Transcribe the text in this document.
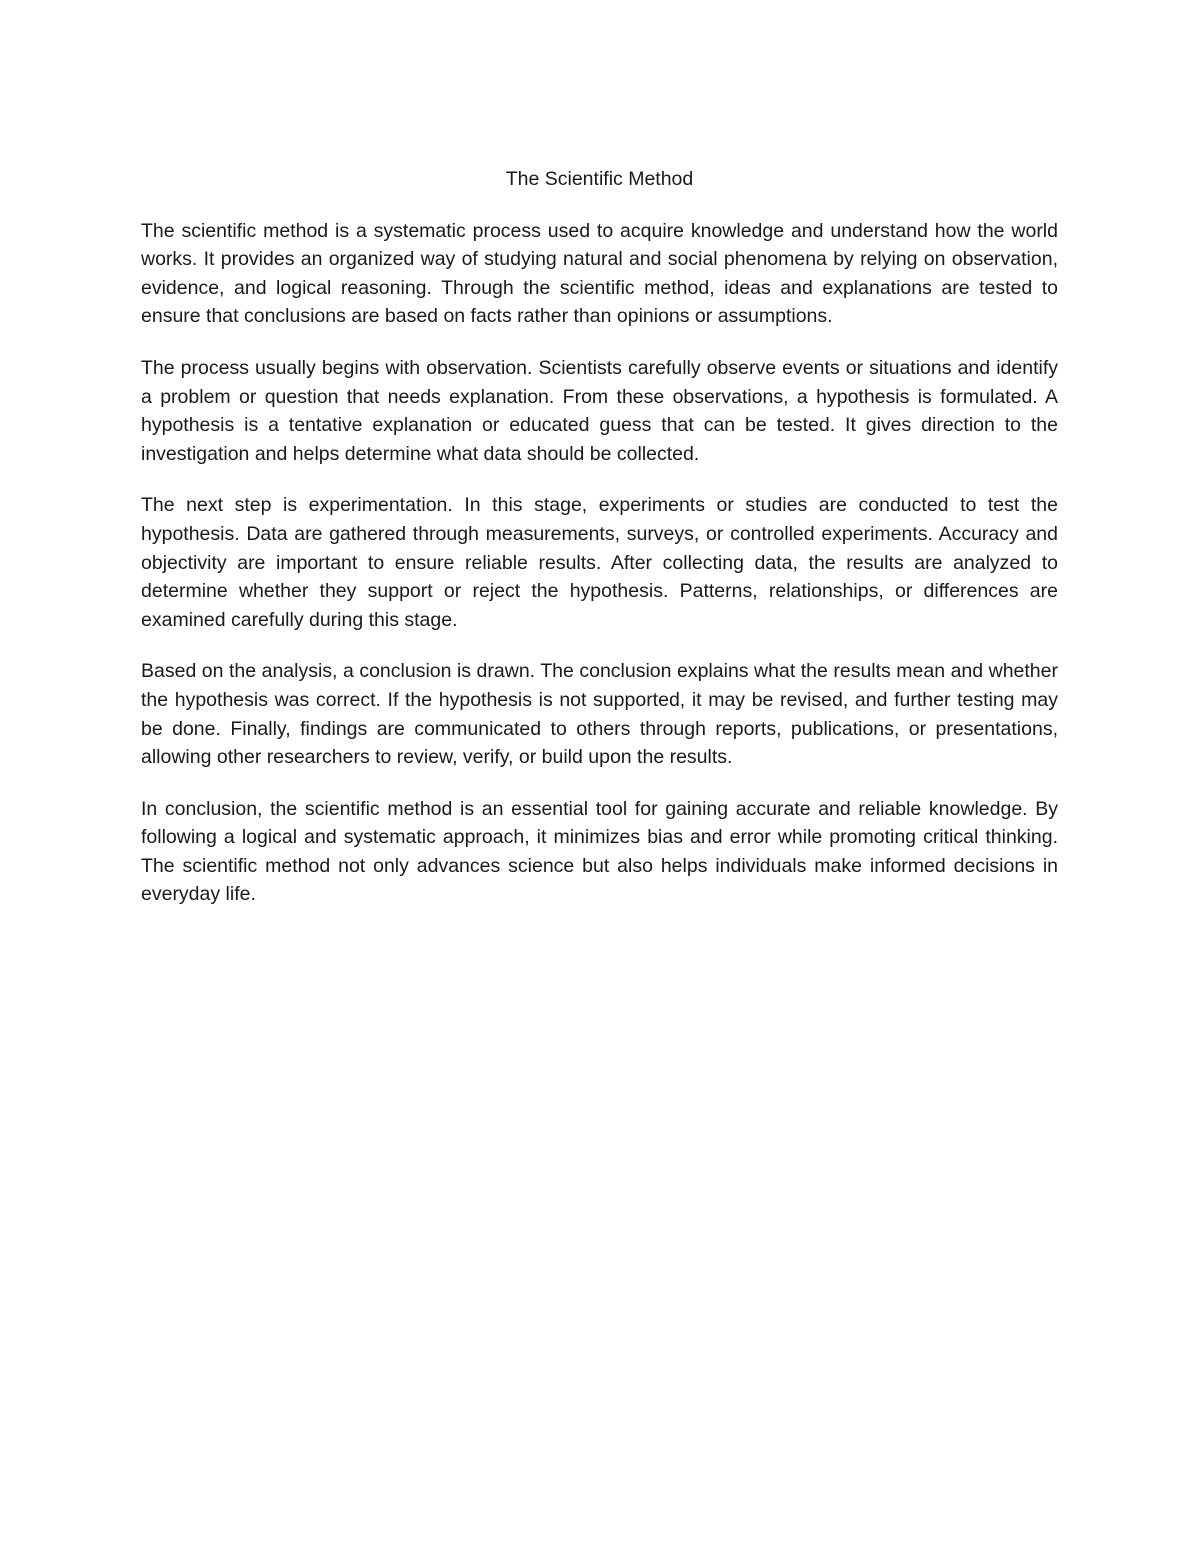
The Scientific Method

The scientific method is a systematic process used to acquire knowledge and understand how the world works. It provides an organized way of studying natural and social phenomena by relying on observation, evidence, and logical reasoning. Through the scientific method, ideas and explanations are tested to ensure that conclusions are based on facts rather than opinions or assumptions.

The process usually begins with observation. Scientists carefully observe events or situations and identify a problem or question that needs explanation. From these observations, a hypothesis is formulated. A hypothesis is a tentative explanation or educated guess that can be tested. It gives direction to the investigation and helps determine what data should be collected.

The next step is experimentation. In this stage, experiments or studies are conducted to test the hypothesis. Data are gathered through measurements, surveys, or controlled experiments. Accuracy and objectivity are important to ensure reliable results. After collecting data, the results are analyzed to determine whether they support or reject the hypothesis. Patterns, relationships, or differences are examined carefully during this stage.

Based on the analysis, a conclusion is drawn. The conclusion explains what the results mean and whether the hypothesis was correct. If the hypothesis is not supported, it may be revised, and further testing may be done. Finally, findings are communicated to others through reports, publications, or presentations, allowing other researchers to review, verify, or build upon the results.

In conclusion, the scientific method is an essential tool for gaining accurate and reliable knowledge. By following a logical and systematic approach, it minimizes bias and error while promoting critical thinking. The scientific method not only advances science but also helps individuals make informed decisions in everyday life.
